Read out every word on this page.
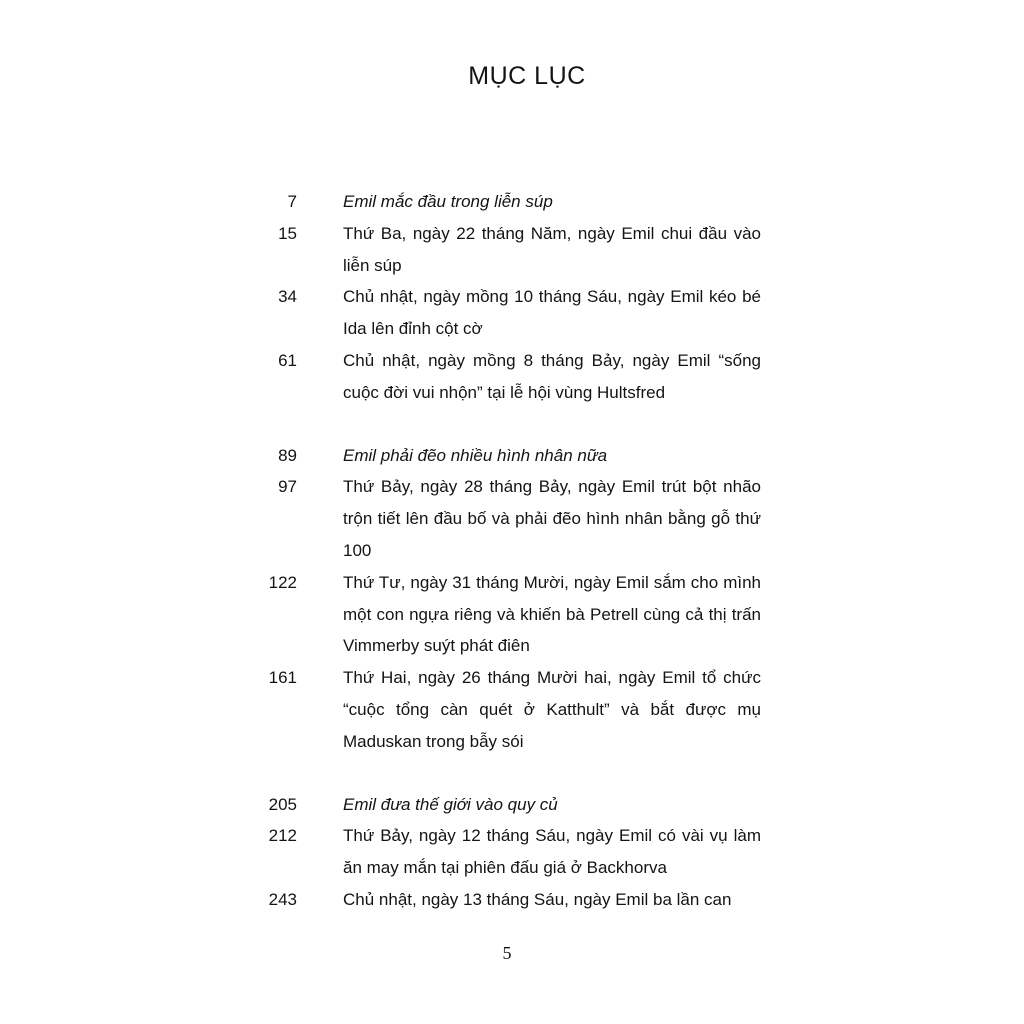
MỤC LỤC
7	Emil mắc đầu trong liễn súp
15	Thứ Ba, ngày 22 tháng Năm, ngày Emil chui đầu vào liễn súp
34	Chủ nhật, ngày mồng 10 tháng Sáu, ngày Emil kéo bé Ida lên đỉnh cột cờ
61	Chủ nhật, ngày mồng 8 tháng Bảy, ngày Emil “sống cuộc đời vui nhộn” tại lễ hội vùng Hultsfred
89	Emil phải đẽo nhiều hình nhân nữa
97	Thứ Bảy, ngày 28 tháng Bảy, ngày Emil trút bột nhão trộn tiết lên đầu bố và phải đẽo hình nhân bằng gỗ thứ 100
122	Thứ Tư, ngày 31 tháng Mười, ngày Emil sắm cho mình một con ngựa riêng và khiến bà Petrell cùng cả thị trấn Vimmerby suýt phát điên
161	Thứ Hai, ngày 26 tháng Mười hai, ngày Emil tổ chức “cuộc tổng càn quét ở Katthult” và bắt được mụ Maduskan trong bẫy sói
205	Emil đưa thế giới vào quy củ
212	Thứ Bảy, ngày 12 tháng Sáu, ngày Emil có vài vụ làm ăn may mắn tại phiên đấu giá ở Backhorva
243	Chủ nhật, ngày 13 tháng Sáu, ngày Emil ba lần can
5
